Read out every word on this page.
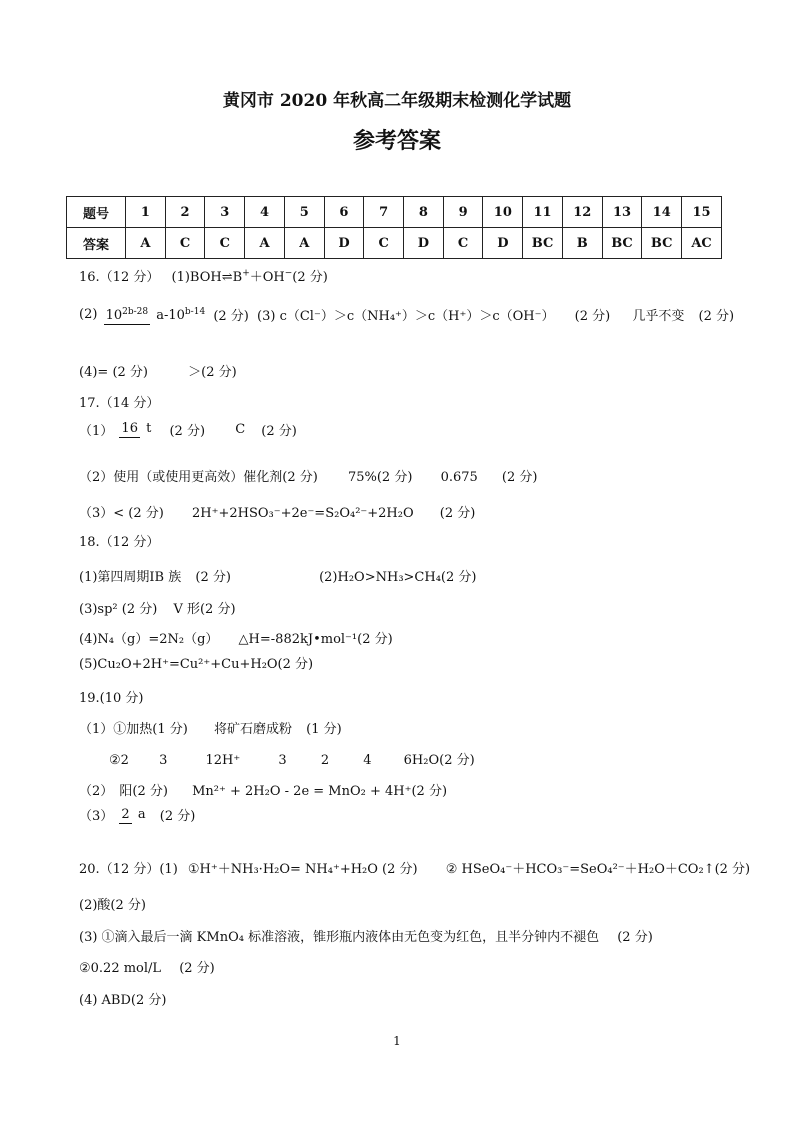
黄冈市 2020 年秋高二年级期末检测化学试题
参考答案
题号	1	2	3	4	5	6	7	8	9	10	11	12	13	14	15
答案	A	C	C	A	A	D	C	D	C	D	BC	B	BC	BC	AC
16.（12 分） (1)BOH⇌B+＋OH−(2 分)
(2) $10^{2b-28}$ a-10$^{b-14}$ (2 分) (3) c（Cl⁻）＞c（NH₄⁺）＞c（H⁺）＞c（OH⁻） (2 分) 几乎不变 (2 分)
(4)= (2 分)	＞(2 分)
17.（14 分）
（1） 16 t (2 分) C (2 分)
（2）使用（或使用更高效）催化剂(2 分) 75%(2 分) 0.675 (2 分)
（3）< (2 分) 2H⁺+2HSO₃⁻+2e⁻=S₂O₄²⁻+2H₂O (2 分)
18.（12 分）
(1)第四周期IB 族 (2 分)	(2)H₂O>NH₃>CH₄(2 分)
(3)sp² (2 分) V 形(2 分)
(4)N₄（g）=2N₂（g） △H=-882kJ•mol⁻¹(2 分)
(5)Cu₂O+2H⁺=Cu²⁺+Cu+H₂O(2 分)
19.(10 分)
（1）①加热(1 分) 将矿石磨成粉 (1 分)
②2 3	12H⁺	3	2	4 6H₂O(2 分)
（2） 阳(2 分) Mn²⁺ + 2H₂O - 2e = MnO₂ + 4H⁺(2 分)
（3） 2 a (2 分)
20.（12 分）(1) ①H⁺＋NH₃·H₂O= NH₄⁺+H₂O (2 分) ② HSeO₄⁻＋HCO₃⁻=SeO₄²⁻＋H₂O＋CO₂↑(2 分)
(2)酸(2 分)
(3) ①滴入最后一滴 KMnO₄ 标准溶液，锥形瓶内液体由无色变为红色，且半分钟内不褪色 (2 分)
②0.22 mol/L (2 分)
(4) ABD(2 分)
1
